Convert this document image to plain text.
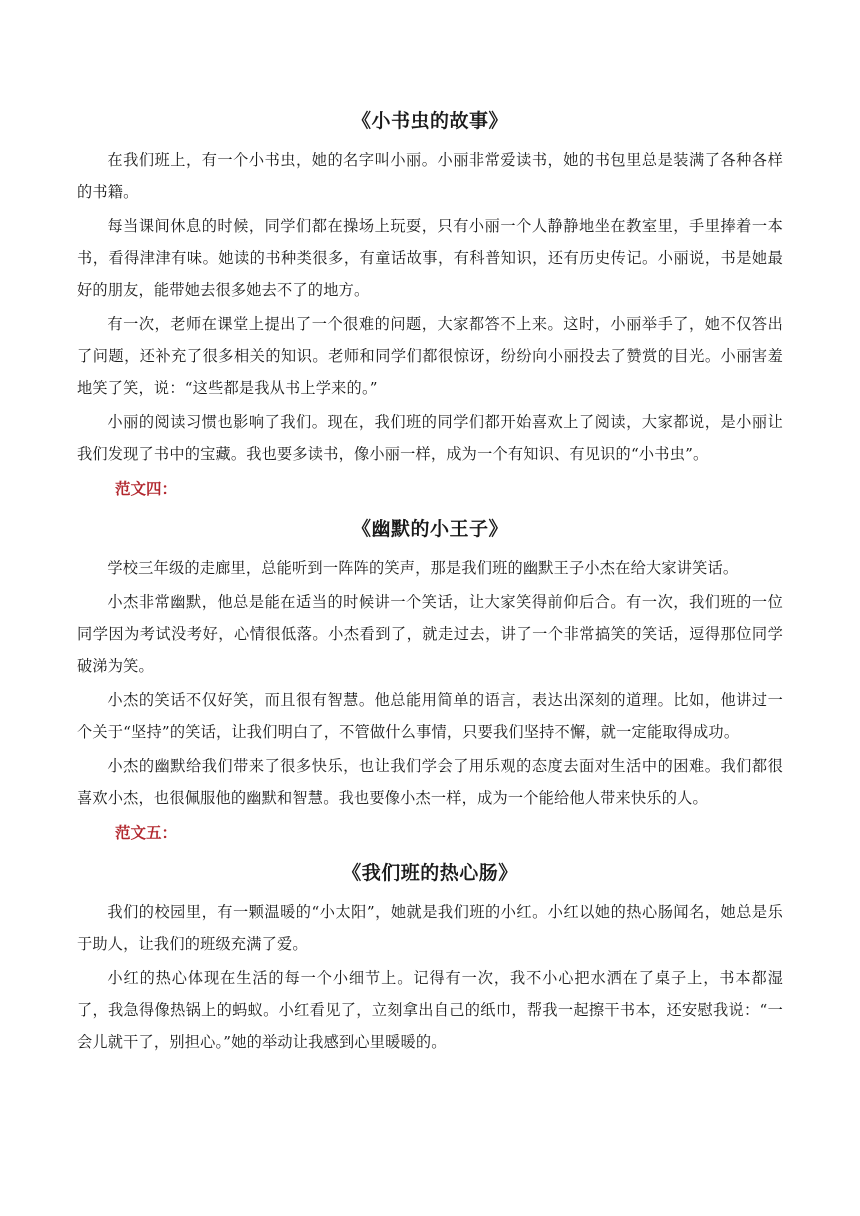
《小书虫的故事》

在我们班上，有一个小书虫，她的名字叫小丽。小丽非常爱读书，她的书包里总是装满了各种各样的书籍。

每当课间休息的时候，同学们都在操场上玩耍，只有小丽一个人静静地坐在教室里，手里捧着一本书，看得津津有味。她读的书种类很多，有童话故事，有科普知识，还有历史传记。小丽说，书是她最好的朋友，能带她去很多她去不了的地方。

有一次，老师在课堂上提出了一个很难的问题，大家都答不上来。这时，小丽举手了，她不仅答出了问题，还补充了很多相关的知识。老师和同学们都很惊讶，纷纷向小丽投去了赞赏的目光。小丽害羞地笑了笑，说：“这些都是我从书上学来的。”

小丽的阅读习惯也影响了我们。现在，我们班的同学们都开始喜欢上了阅读，大家都说，是小丽让我们发现了书中的宝藏。我也要多读书，像小丽一样，成为一个有知识、有见识的“小书虫”。

范文四：
《幽默的小王子》

学校三年级的走廊里，总能听到一阵阵的笑声，那是我们班的幽默王子小杰在给大家讲笑话。

小杰非常幽默，他总是能在适当的时候讲一个笑话，让大家笑得前仰后合。有一次，我们班的一位同学因为考试没考好，心情很低落。小杰看到了，就走过去，讲了一个非常搞笑的笑话，逗得那位同学破涕为笑。

小杰的笑话不仅好笑，而且很有智慧。他总能用简单的语言，表达出深刻的道理。比如，他讲过一个关于“坚持”的笑话，让我们明白了，不管做什么事情，只要我们坚持不懈，就一定能取得成功。

小杰的幽默给我们带来了很多快乐，也让我们学会了用乐观的态度去面对生活中的困难。我们都很喜欢小杰，也很佩服他的幽默和智慧。我也要像小杰一样，成为一个能给他人带来快乐的人。

范文五：
《我们班的热心肠》

我们的校园里，有一颗温暖的“小太阳”，她就是我们班的小红。小红以她的热心肠闻名，她总是乐于助人，让我们的班级充满了爱。

小红的热心体现在生活的每一个小细节上。记得有一次，我不小心把水洒在了桌子上，书本都湿了，我急得像热锅上的蚂蚁。小红看见了，立刻拿出自己的纸巾，帮我一起擦干书本，还安慰我说：“一会儿就干了，别担心。”她的举动让我感到心里暖暖的。
